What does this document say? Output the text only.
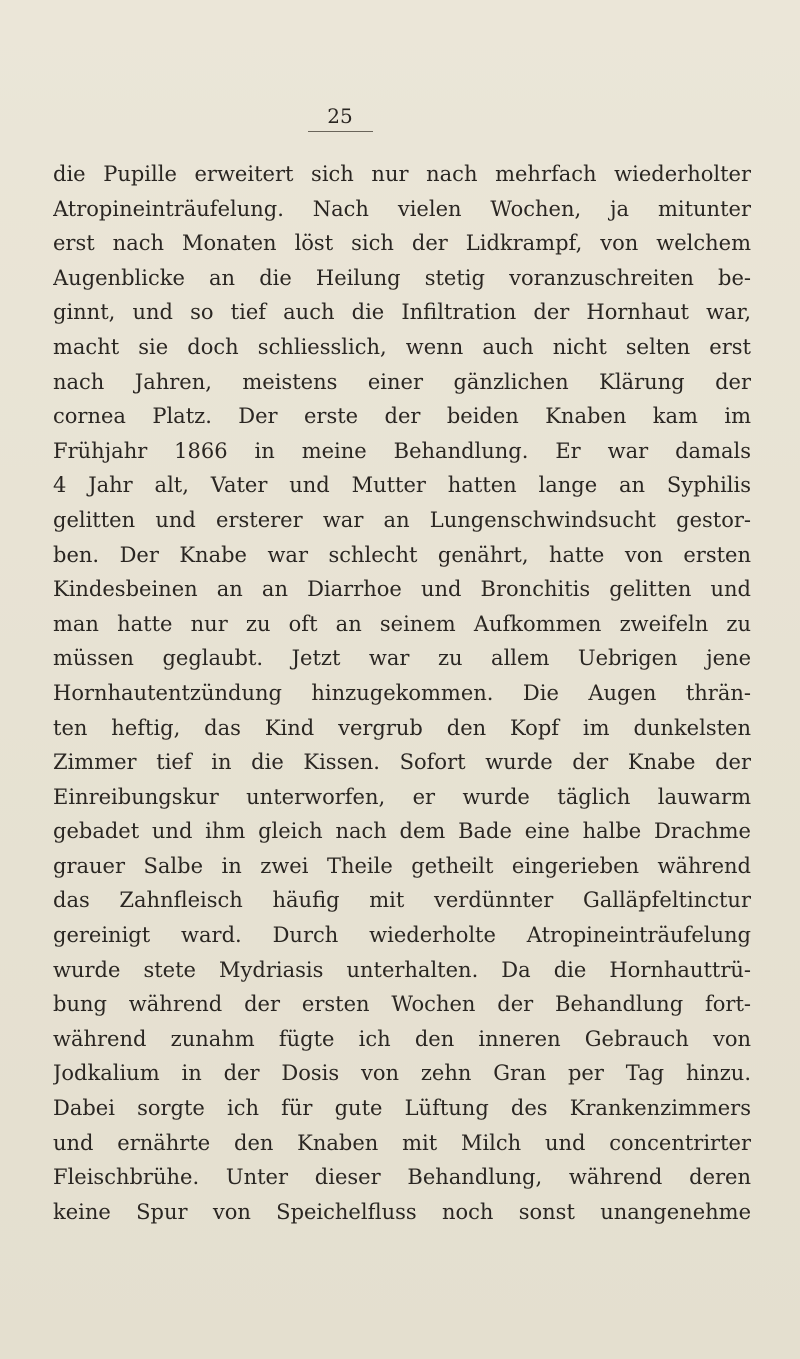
25
die Pupille erweitert sich nur nach mehrfach wiederholter
Atropineinträufelung. Nach vielen Wochen, ja mitunter
erst nach Monaten löst sich der Lidkrampf, von welchem
Augenblicke an die Heilung stetig voranzuschreiten be-
ginnt, und so tief auch die Infiltration der Hornhaut war,
macht sie doch schliesslich, wenn auch nicht selten erst
nach Jahren, meistens einer gänzlichen Klärung der
cornea Platz. Der erste der beiden Knaben kam im
Frühjahr 1866 in meine Behandlung. Er war damals
4 Jahr alt, Vater und Mutter hatten lange an Syphilis
gelitten und ersterer war an Lungenschwindsucht gestor-
ben. Der Knabe war schlecht genährt, hatte von ersten
Kindesbeinen an an Diarrhoe und Bronchitis gelitten und
man hatte nur zu oft an seinem Aufkommen zweifeln zu
müssen geglaubt. Jetzt war zu allem Uebrigen jene
Hornhautentzündung hinzugekommen. Die Augen thrän-
ten heftig, das Kind vergrub den Kopf im dunkelsten
Zimmer tief in die Kissen. Sofort wurde der Knabe der
Einreibungskur unterworfen, er wurde täglich lauwarm
gebadet und ihm gleich nach dem Bade eine halbe Drachme
grauer Salbe in zwei Theile getheilt eingerieben während
das Zahnfleisch häufig mit verdünnter Galläpfeltinctur
gereinigt ward. Durch wiederholte Atropineinträufelung
wurde stete Mydriasis unterhalten. Da die Hornhauttrü-
bung während der ersten Wochen der Behandlung fort-
während zunahm fügte ich den inneren Gebrauch von
Jodkalium in der Dosis von zehn Gran per Tag hinzu.
Dabei sorgte ich für gute Lüftung des Krankenzimmers
und ernährte den Knaben mit Milch und concentrirter
Fleischbrühe. Unter dieser Behandlung, während deren
keine Spur von Speichelfluss noch sonst unangenehme
